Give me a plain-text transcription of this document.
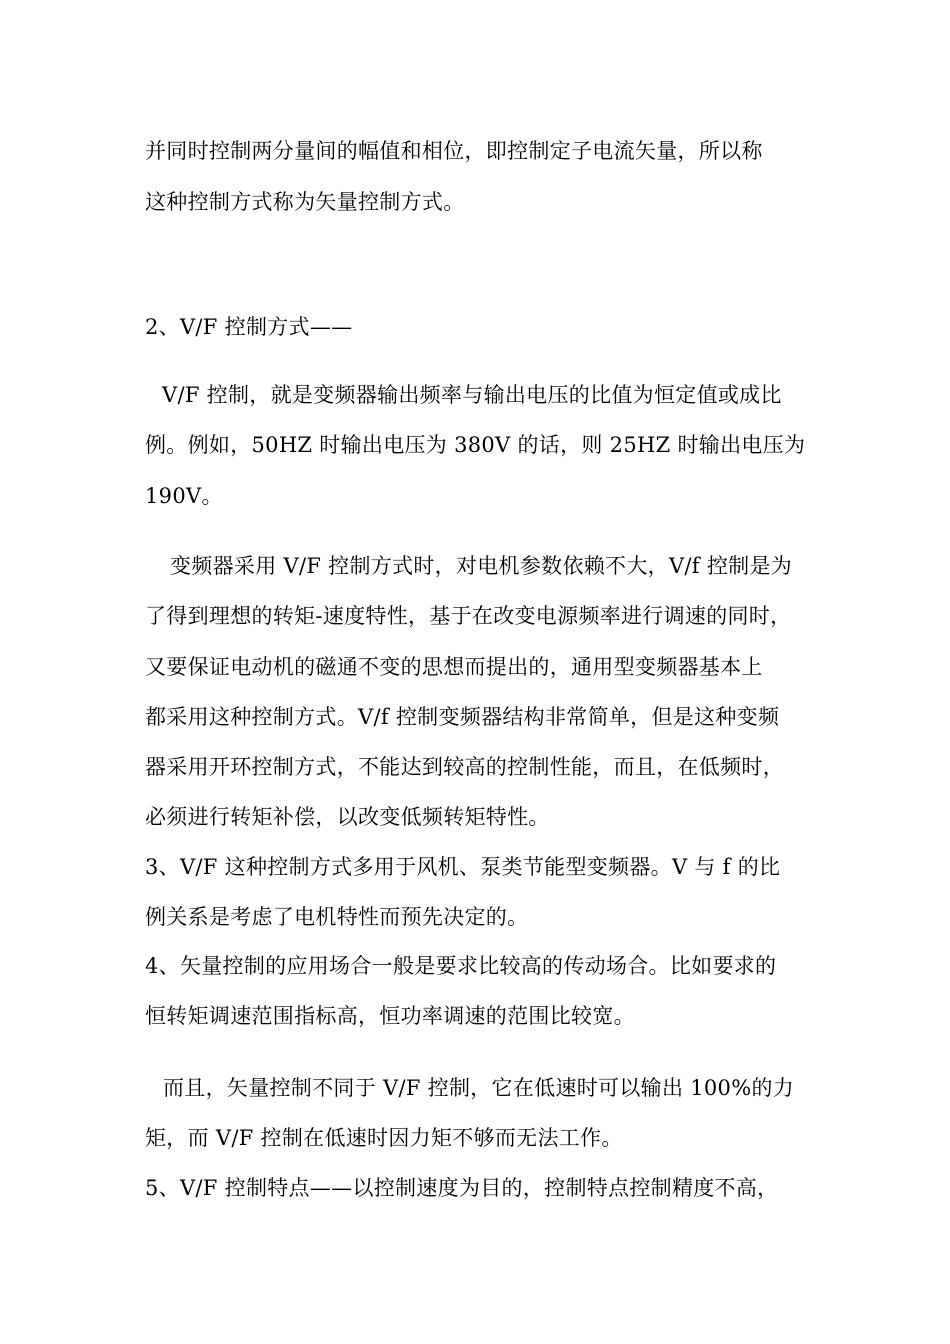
并同时控制两分量间的幅值和相位，即控制定子电流矢量，所以称
这种控制方式称为矢量控制方式。
2、V/F 控制方式——
V/F 控制，就是变频器输出频率与输出电压的比值为恒定值或成比
例。例如，50HZ 时输出电压为 380V 的话，则 25HZ 时输出电压为
190V。
变频器采用 V/F 控制方式时，对电机参数依赖不大，V/f 控制是为
了得到理想的转矩-速度特性，基于在改变电源频率进行调速的同时，
又要保证电动机的磁通不变的思想而提出的，通用型变频器基本上
都采用这种控制方式。V/f 控制变频器结构非常简单，但是这种变频
器采用开环控制方式，不能达到较高的控制性能，而且，在低频时，
必须进行转矩补偿，以改变低频转矩特性。
3、V/F 这种控制方式多用于风机、泵类节能型变频器。V 与 f 的比
例关系是考虑了电机特性而预先决定的。
4、矢量控制的应用场合一般是要求比较高的传动场合。比如要求的
恒转矩调速范围指标高，恒功率调速的范围比较宽。
而且，矢量控制不同于 V/F 控制，它在低速时可以输出 100%的力
矩，而 V/F 控制在低速时因力矩不够而无法工作。
5、V/F 控制特点——以控制速度为目的，控制特点控制精度不高，
